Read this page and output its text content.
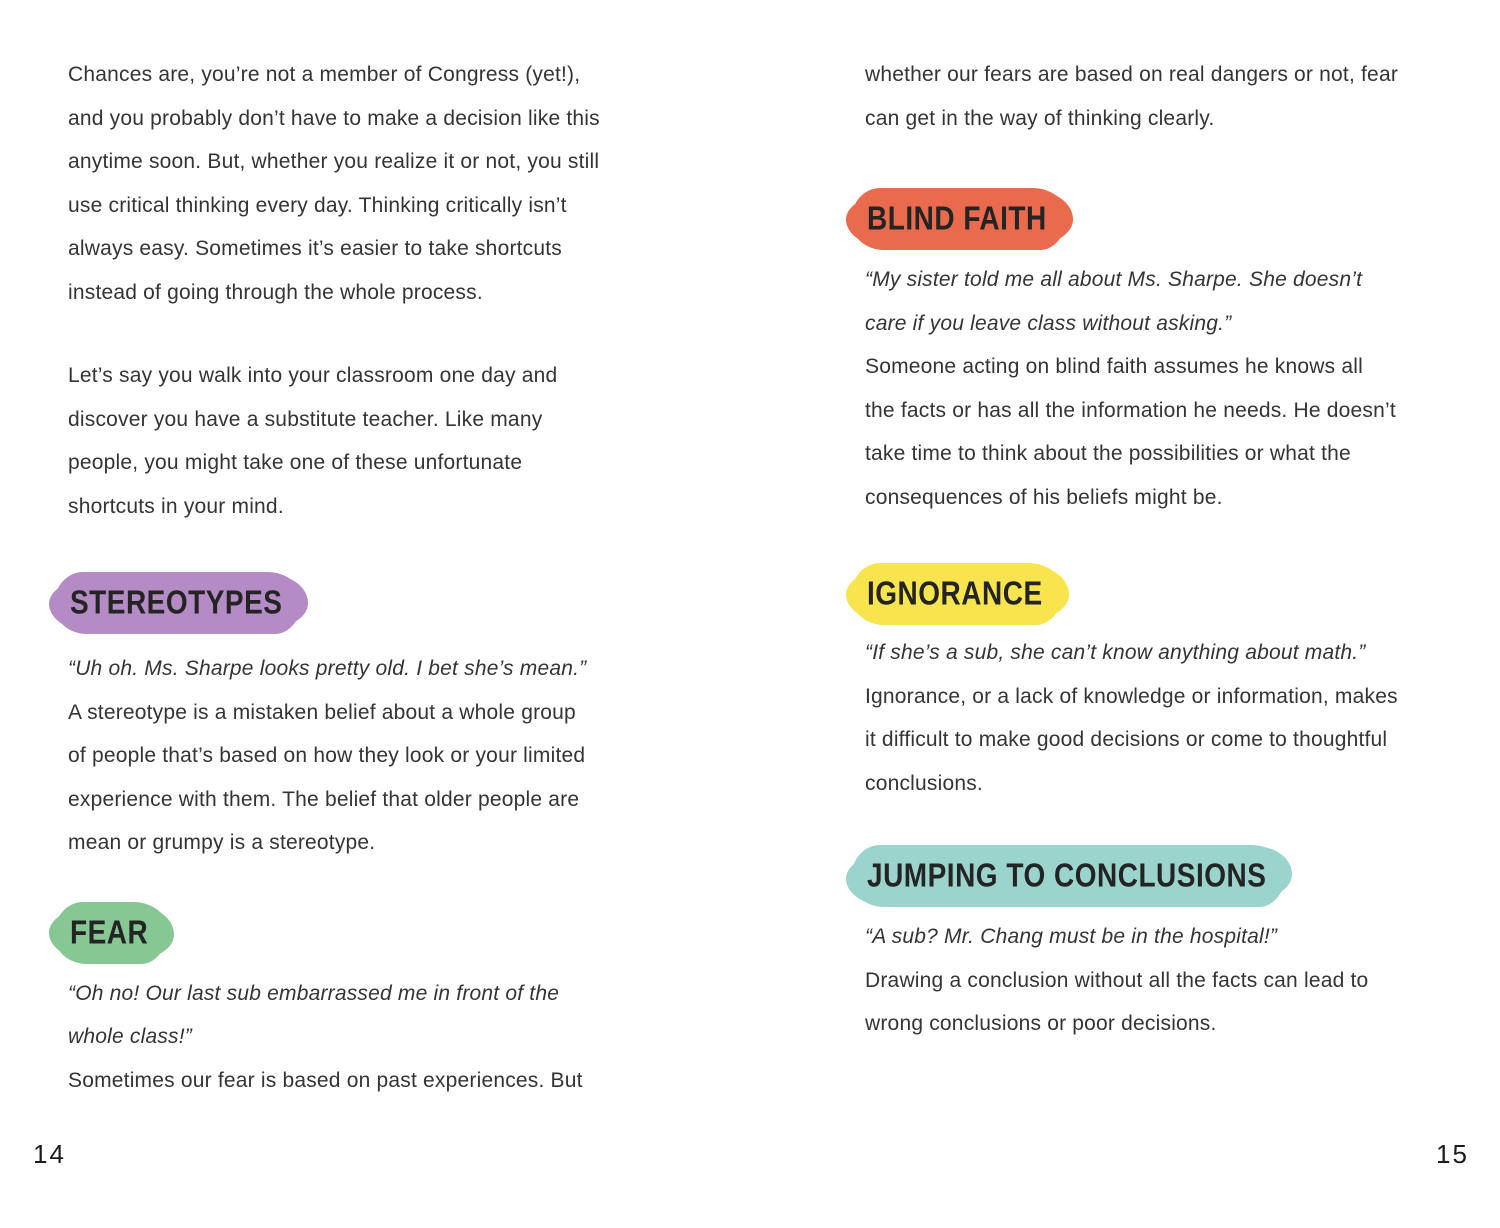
Chances are, you’re not a member of Congress (yet!),
and you probably don’t have to make a decision like this
anytime soon. But, whether you realize it or not, you still
use critical thinking every day. Thinking critically isn’t
always easy. Sometimes it’s easier to take shortcuts
instead of going through the whole process.
Let’s say you walk into your classroom one day and
discover you have a substitute teacher. Like many
people, you might take one of these unfortunate
shortcuts in your mind.
STEREOTYPES
“Uh oh. Ms. Sharpe looks pretty old. I bet she’s mean.”
A stereotype is a mistaken belief about a whole group
of people that’s based on how they look or your limited
experience with them. The belief that older people are
mean or grumpy is a stereotype.
FEAR
“Oh no! Our last sub embarrassed me in front of the
whole class!”
Sometimes our fear is based on past experiences. But
whether our fears are based on real dangers or not, fear
can get in the way of thinking clearly.
BLIND FAITH
“My sister told me all about Ms. Sharpe. She doesn’t
care if you leave class without asking.”
Someone acting on blind faith assumes he knows all
the facts or has all the information he needs. He doesn’t
take time to think about the possibilities or what the
consequences of his beliefs might be.
IGNORANCE
“If she’s a sub, she can’t know anything about math.”
Ignorance, or a lack of knowledge or information, makes
it difficult to make good decisions or come to thoughtful
conclusions.
JUMPING TO CONCLUSIONS
“A sub? Mr. Chang must be in the hospital!”
Drawing a conclusion without all the facts can lead to
wrong conclusions or poor decisions.
14	15
